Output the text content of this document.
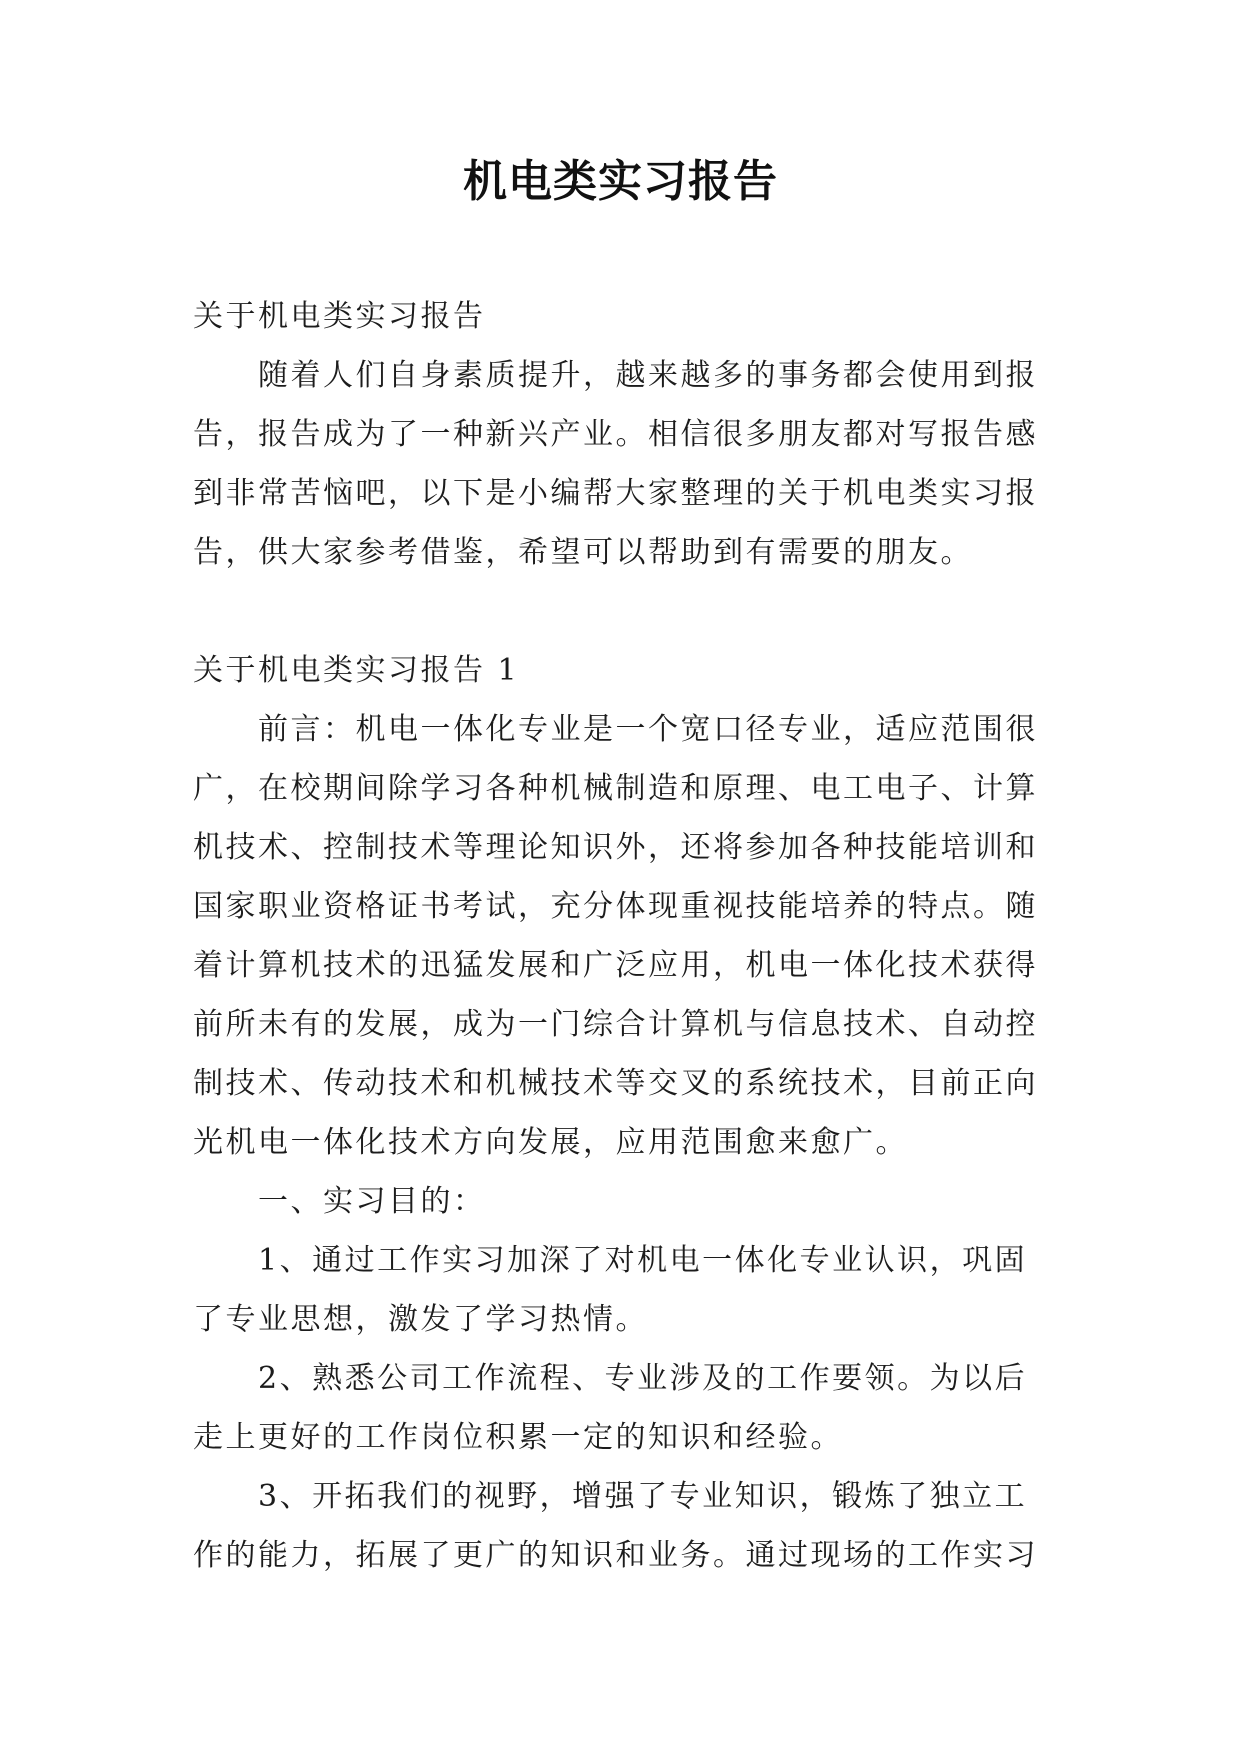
机电类实习报告
关于机电类实习报告
随着人们自身素质提升，越来越多的事务都会使用到报
告，报告成为了一种新兴产业。相信很多朋友都对写报告感
到非常苦恼吧，以下是小编帮大家整理的关于机电类实习报
告，供大家参考借鉴，希望可以帮助到有需要的朋友。
关于机电类实习报告 1
前言：机电一体化专业是一个宽口径专业，适应范围很
广，在校期间除学习各种机械制造和原理、电工电子、计算
机技术、控制技术等理论知识外，还将参加各种技能培训和
国家职业资格证书考试，充分体现重视技能培养的特点。随
着计算机技术的迅猛发展和广泛应用，机电一体化技术获得
前所未有的发展，成为一门综合计算机与信息技术、自动控
制技术、传动技术和机械技术等交叉的系统技术，目前正向
光机电一体化技术方向发展，应用范围愈来愈广。
一、实习目的：
1、通过工作实习加深了对机电一体化专业认识，巩固
了专业思想，激发了学习热情。
2、熟悉公司工作流程、专业涉及的工作要领。为以后
走上更好的工作岗位积累一定的知识和经验。
3、开拓我们的视野，增强了专业知识，锻炼了独立工
作的能力，拓展了更广的知识和业务。通过现场的工作实习
